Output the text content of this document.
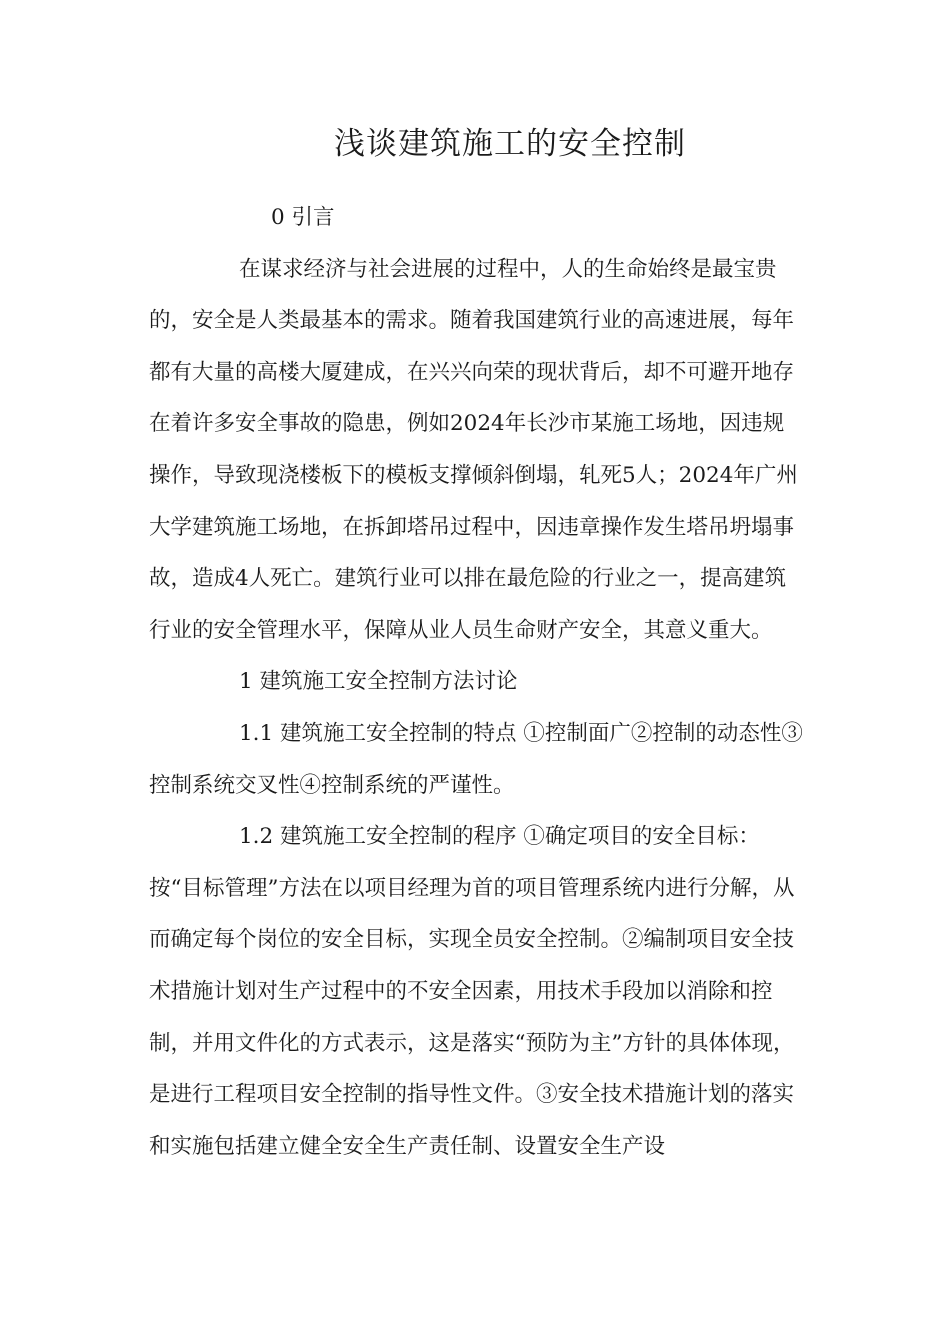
浅谈建筑施工的安全控制

0 引言

在谋求经济与社会进展的过程中，人的生命始终是最宝贵的，安全是人类最基本的需求。随着我国建筑行业的高速进展，每年都有大量的高楼大厦建成，在兴兴向荣的现状背后，却不可避开地存在着许多安全事故的隐患，例如2024年长沙市某施工场地，因违规操作，导致现浇楼板下的模板支撑倾斜倒塌，轧死5人；2024年广州大学建筑施工场地，在拆卸塔吊过程中，因违章操作发生塔吊坍塌事故，造成4人死亡。建筑行业可以排在最危险的行业之一，提高建筑行业的安全管理水平，保障从业人员生命财产安全，其意义重大。

1 建筑施工安全控制方法讨论

1.1 建筑施工安全控制的特点 ①控制面广②控制的动态性③控制系统交叉性④控制系统的严谨性。

1.2 建筑施工安全控制的程序 ①确定项目的安全目标：按“目标管理”方法在以项目经理为首的项目管理系统内进行分解，从而确定每个岗位的安全目标，实现全员安全控制。②编制项目安全技术措施计划对生产过程中的不安全因素，用技术手段加以消除和控制，并用文件化的方式表示，这是落实“预防为主”方针的具体体现，是进行工程项目安全控制的指导性文件。③安全技术措施计划的落实和实施包括建立健全安全生产责任制、设置安全生产设
